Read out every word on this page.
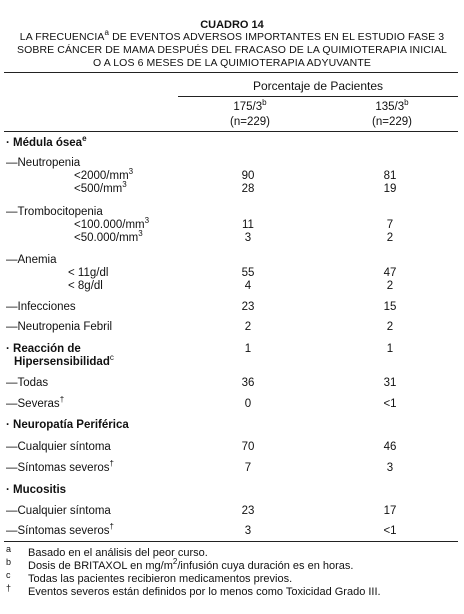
CUADRO 14
LA FRECUENCIA$^a$ DE EVENTOS ADVERSOS IMPORTANTES EN EL ESTUDIO FASE 3
SOBRE CÁNCER DE MAMA DESPUÉS DEL FRACASO DE LA QUIMIOTERAPIA INICIAL
O A LOS 6 MESES DE LA QUIMIOTERAPIA ADYUVANTE
Porcentaje de Pacientes
175/3$^b$
(n=229)
135/3$^b$
(n=229)
· Médula ósea$^e$
—Neutropenia
$<2000/mm^3$	90	81
$<500/mm^3$	28	19
—Trombocitopenia
$<100.000/mm^3$	11	7
$<50.000/mm^3$	3	2
—Anemia
< 11g/dl	55	47
< 8g/dl	4	2
—Infecciones	23	15
—Neutropenia Febril	2	2
· Reacción de
Hipersensibilidad$^c$
1	1
—Todas	36	31
—Severas†	0	<1
· Neuropatía Periférica
—Cualquier síntoma	70	46
—Síntomas severos†	7	3
· Mucositis
—Cualquier síntoma	23	17
—Síntomas severos†	3	<1
a Basado en el análisis del peor curso.
b Dosis de BRITAXOL en $mg/m^2$/infusión cuya duración es en horas.
c Todas las pacientes recibieron medicamentos previos.
† Eventos severos están definidos por lo menos como Toxicidad Grado III.
